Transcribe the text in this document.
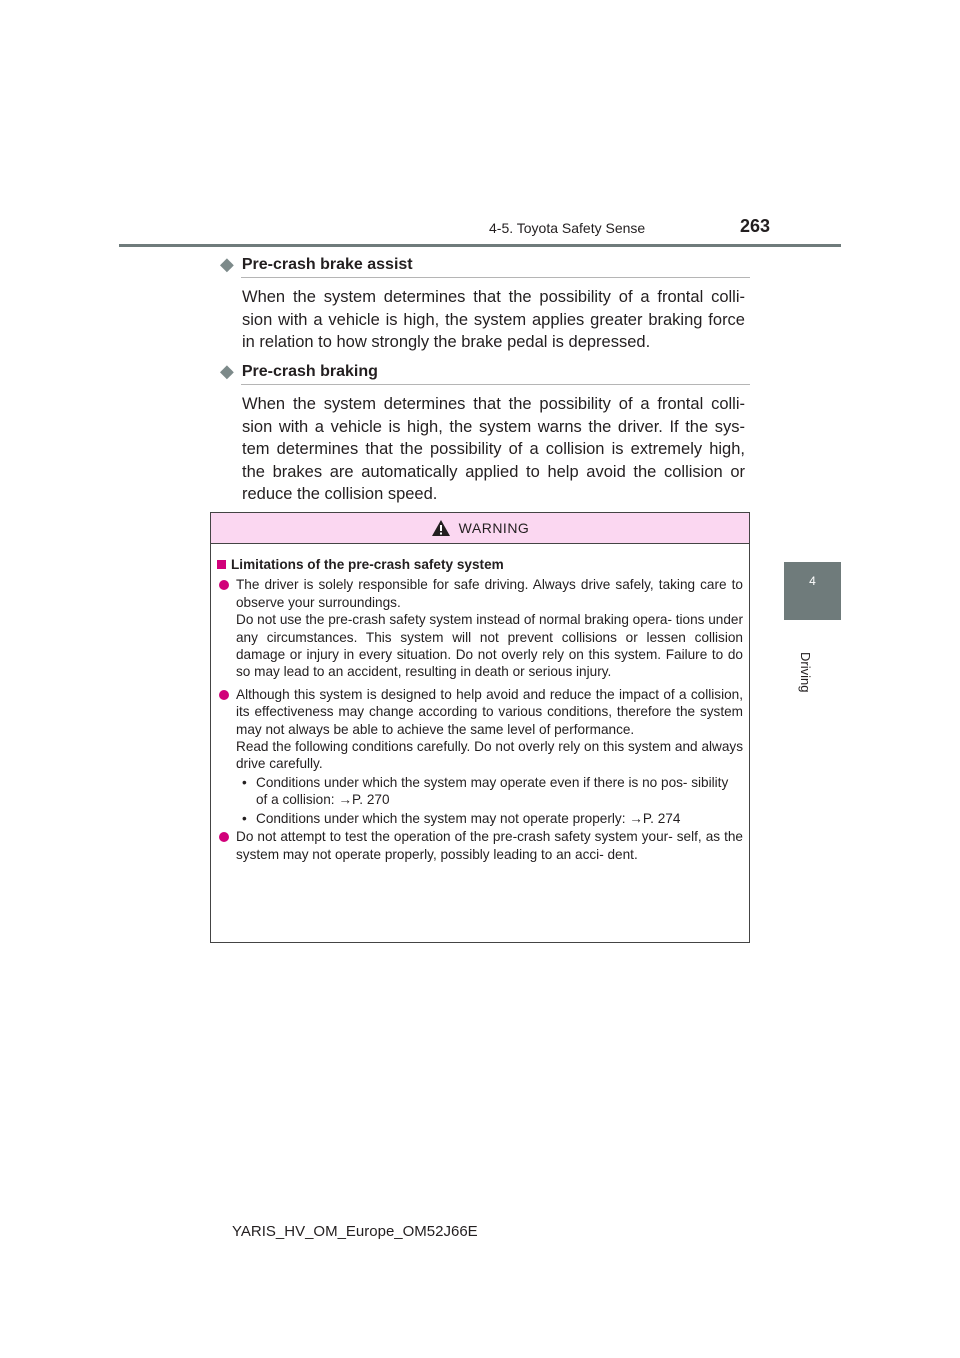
4-5. Toyota Safety Sense	263
4
Driving
◆ Pre-crash brake assist
When the system determines that the possibility of a frontal colli- sion with a vehicle is high, the system applies greater braking force in relation to how strongly the brake pedal is depressed.
◆ Pre-crash braking
When the system determines that the possibility of a frontal colli- sion with a vehicle is high, the system warns the driver. If the sys- tem determines that the possibility of a collision is extremely high, the brakes are automatically applied to help avoid the collision or reduce the collision speed.
WARNING
Limitations of the pre-crash safety system

The driver is solely responsible for safe driving. Always drive safely, taking care to observe your surroundings.

Do not use the pre-crash safety system instead of normal braking opera- tions under any circumstances. This system will not prevent collisions or lessen collision damage or injury in every situation. Do not overly rely on this system. Failure to do so may lead to an accident, resulting in death or serious injury.

Although this system is designed to help avoid and reduce the impact of a collision, its effectiveness may change according to various conditions, therefore the system may not always be able to achieve the same level of performance.

Read the following conditions carefully. Do not overly rely on this system and always drive carefully.

• Conditions under which the system may operate even if there is no pos- sibility of a collision: →P. 270
• Conditions under which the system may not operate properly: →P. 274

Do not attempt to test the operation of the pre-crash safety system your- self, as the system may not operate properly, possibly leading to an acci- dent.

YARIS_HV_OM_Europe_OM52J66E
